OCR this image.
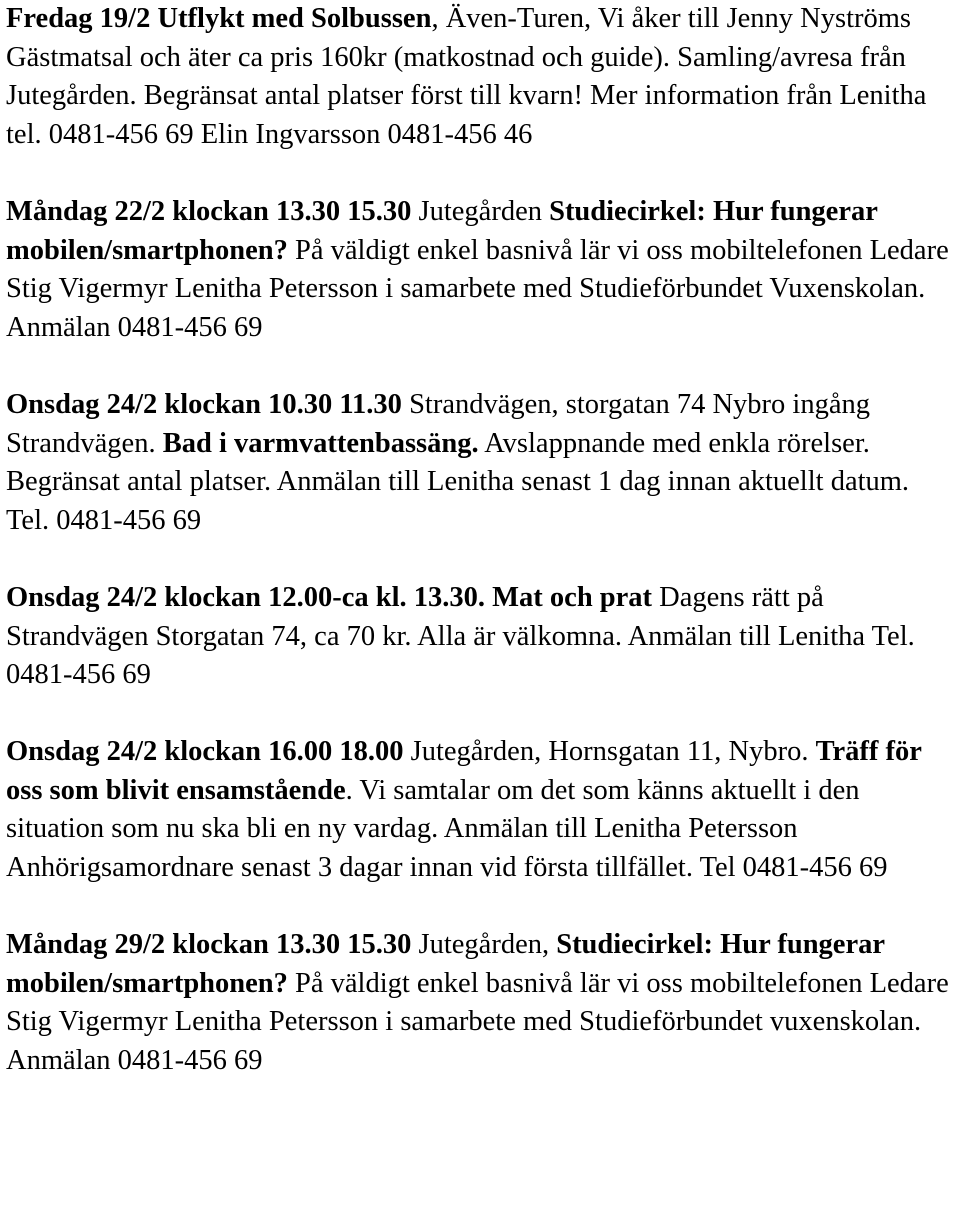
Fredag 19/2 Utflykt med Solbussen, Även-Turen, Vi åker till Jenny Nyströms Gästmatsal och äter ca pris 160kr (matkostnad och guide). Samling/avresa från Jutegården. Begränsat antal platser först till kvarn! Mer information från Lenitha tel. 0481-456 69 Elin Ingvarsson 0481-456 46

Måndag 22/2 klockan 13.30 15.30 Jutegården Studiecirkel: Hur fungerar mobilen/smartphonen? På väldigt enkel basnivå lär vi oss mobiltelefonen Ledare Stig Vigermyr Lenitha Petersson i samarbete med Studieförbundet Vuxenskolan. Anmälan 0481-456 69

Onsdag 24/2 klockan 10.30 11.30 Strandvägen, storgatan 74 Nybro ingång Strandvägen. Bad i varmvattenbassäng. Avslappnande med enkla rörelser. Begränsat antal platser. Anmälan till Lenitha senast 1 dag innan aktuellt datum. Tel. 0481-456 69

Onsdag 24/2 klockan 12.00-ca kl. 13.30. Mat och prat Dagens rätt på Strandvägen Storgatan 74, ca 70 kr. Alla är välkomna. Anmälan till Lenitha Tel. 0481-456 69

Onsdag 24/2 klockan 16.00 18.00 Jutegården, Hornsgatan 11, Nybro. Träff för oss som blivit ensamstående. Vi samtalar om det som känns aktuellt i den situation som nu ska bli en ny vardag. Anmälan till Lenitha Petersson Anhörigsamordnare senast 3 dagar innan vid första tillfället. Tel 0481-456 69

Måndag 29/2 klockan 13.30 15.30 Jutegården, Studiecirkel: Hur fungerar mobilen/smartphonen? På väldigt enkel basnivå lär vi oss mobiltelefonen Ledare Stig Vigermyr Lenitha Petersson i samarbete med Studieförbundet vuxenskolan. Anmälan 0481-456 69
